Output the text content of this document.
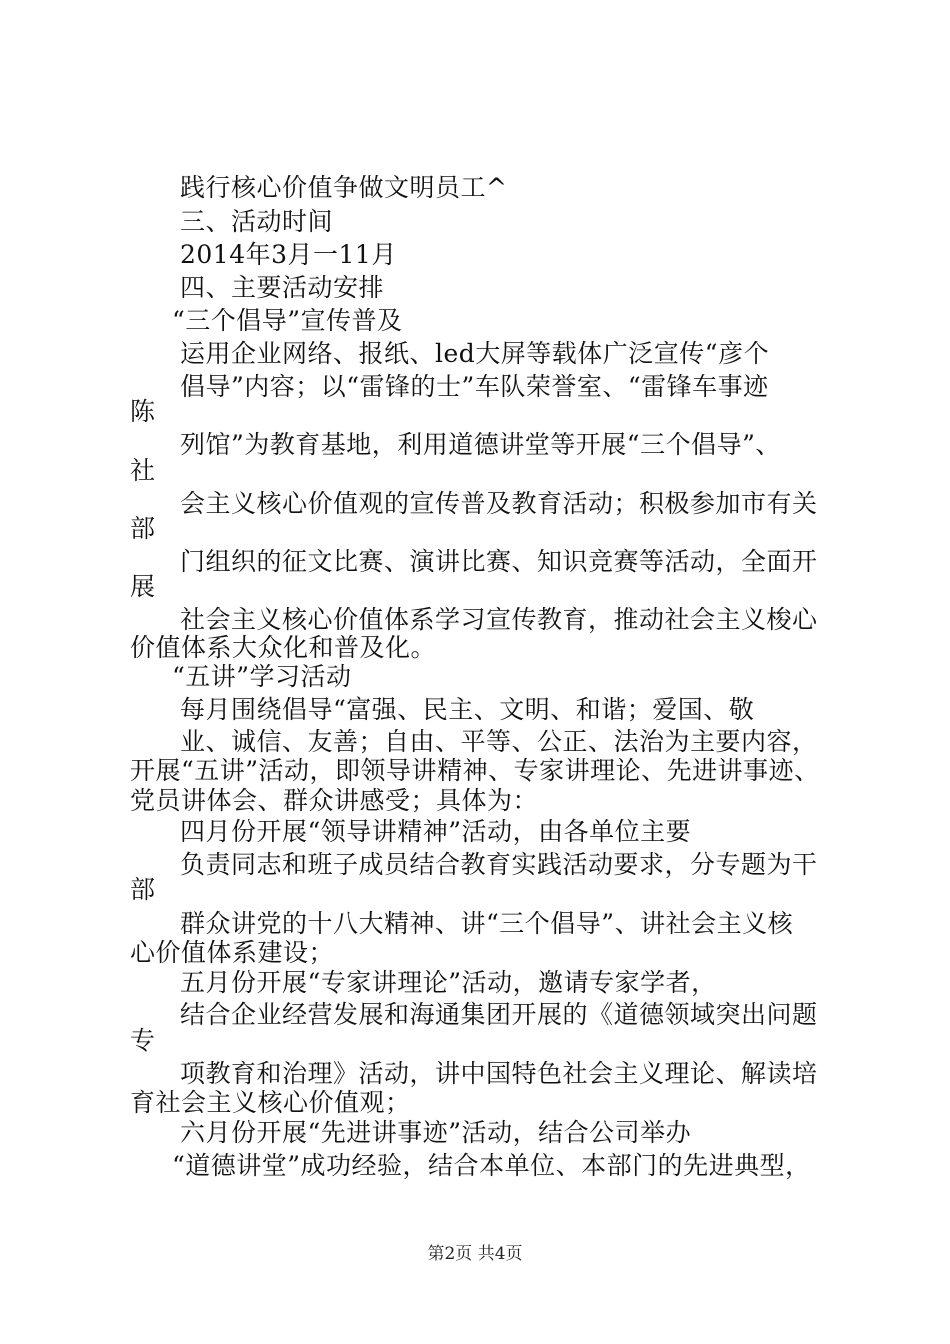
践行核心价值争做文明员工^
三、活动时间
2014年3月一11月
四、主要活动安排
“三个倡导”宣传普及
运用企业网络、报纸、led大屏等载体广泛宣传“彦个
倡导”内容；以“雷锋的士”车队荣誉室、“雷锋车事迹
陈
列馆”为教育基地，利用道德讲堂等开展“三个倡导”、
社
会主义核心价值观的宣传普及教育活动；积极参加市有关
部
门组织的征文比赛、演讲比赛、知识竞赛等活动，全面开
展
社会主义核心价值体系学习宣传教育，推动社会主义梭心
价值体系大众化和普及化。
“五讲”学习活动
每月围绕倡导“富强、民主、文明、和谐；爱国、敬
业、诚信、友善；自由、平等、公正、法治为主要内容，
开展“五讲”活动，即领导讲精神、专家讲理论、先进讲事迹、
党员讲体会、群众讲感受；具体为：
四月份开展“领导讲精神”活动，由各单位主要
负责同志和班子成员结合教育实践活动要求，分专题为干
部
群众讲党的十八大精神、讲“三个倡导”、讲社会主义核
心价值体系建设；
五月份开展“专家讲理论”活动，邀请专家学者，
结合企业经营发展和海通集团开展的《道德领域突出问题
专
项教育和治理》活动，讲中国特色社会主义理论、解读培
育社会主义核心价值观；
六月份开展“先进讲事迹”活动，结合公司举办
“道德讲堂”成功经验，结合本单位、本部门的先进典型，
第2页 共4页
